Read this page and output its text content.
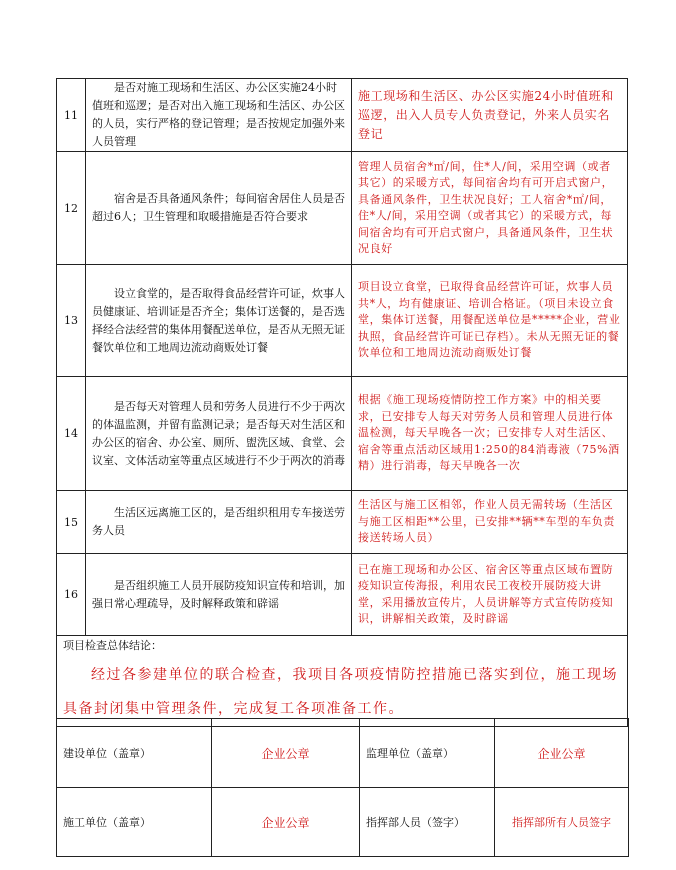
11	是否对施工现场和生活区、办公区实施24小时值班和巡逻；是否对出入施工现场和生活区、办公区的人员，实行严格的登记管理；是否按规定加强外来人员管理	施工现场和生活区、办公区实施24小时值班和巡逻，出入人员专人负责登记，外来人员实名登记
12	宿舍是否具备通风条件；每间宿舍居住人员是否超过6人；卫生管理和取暖措施是否符合要求	管理人员宿舍*㎡/间，住*人/间，采用空调（或者其它）的采暖方式，每间宿舍均有可开启式窗户，具备通风条件，卫生状况良好；工人宿舍*㎡/间，住*人/间，采用空调（或者其它）的采暖方式，每间宿舍均有可开启式窗户，具备通风条件，卫生状况良好
13	设立食堂的，是否取得食品经营许可证，炊事人员健康证、培训证是否齐全；集体订送餐的，是否选择经合法经营的集体用餐配送单位，是否从无照无证餐饮单位和工地周边流动商贩处订餐	项目设立食堂，已取得食品经营许可证，炊事人员共*人，均有健康证、培训合格证。（项目未设立食堂，集体订送餐，用餐配送单位是*****企业，营业执照，食品经营许可证已存档）。未从无照无证的餐饮单位和工地周边流动商贩处订餐
14	是否每天对管理人员和劳务人员进行不少于两次的体温监测，并留有监测记录；是否每天对生活区和办公区的宿舍、办公室、厕所、盥洗区域、食堂、会议室、文体活动室等重点区域进行不少于两次的消毒	根据《施工现场疫情防控工作方案》中的相关要求，已安排专人每天对劳务人员和管理人员进行体温检测，每天早晚各一次；已安排专人对生活区、宿舍等重点活动区域用1:250的84消毒液（75%酒精）进行消毒，每天早晚各一次
15	生活区远离施工区的，是否组织租用专车接送劳务人员	生活区与施工区相邻，作业人员无需转场（生活区与施工区相距**公里，已安排**辆**车型的车负责接送转场人员）
16	是否组织施工人员开展防疫知识宣传和培训，加强日常心理疏导，及时解释政策和辟谣	已在施工现场和办公区、宿舍区等重点区域布置防疫知识宣传海报，利用农民工夜校开展防疫大讲堂，采用播放宣传片，人员讲解等方式宣传防疫知识，讲解相关政策，及时辟谣

项目检查总体结论：
经过各参建单位的联合检查，我项目各项疫情防控措施已落实到位，施工现场具备封闭集中管理条件，完成复工各项准备工作。		
建设单位（盖章）	企业公章	监理单位（盖章）	企业公章
施工单位（盖章）	企业公章	指挥部人员（签字）	指挥部所有人员签字
